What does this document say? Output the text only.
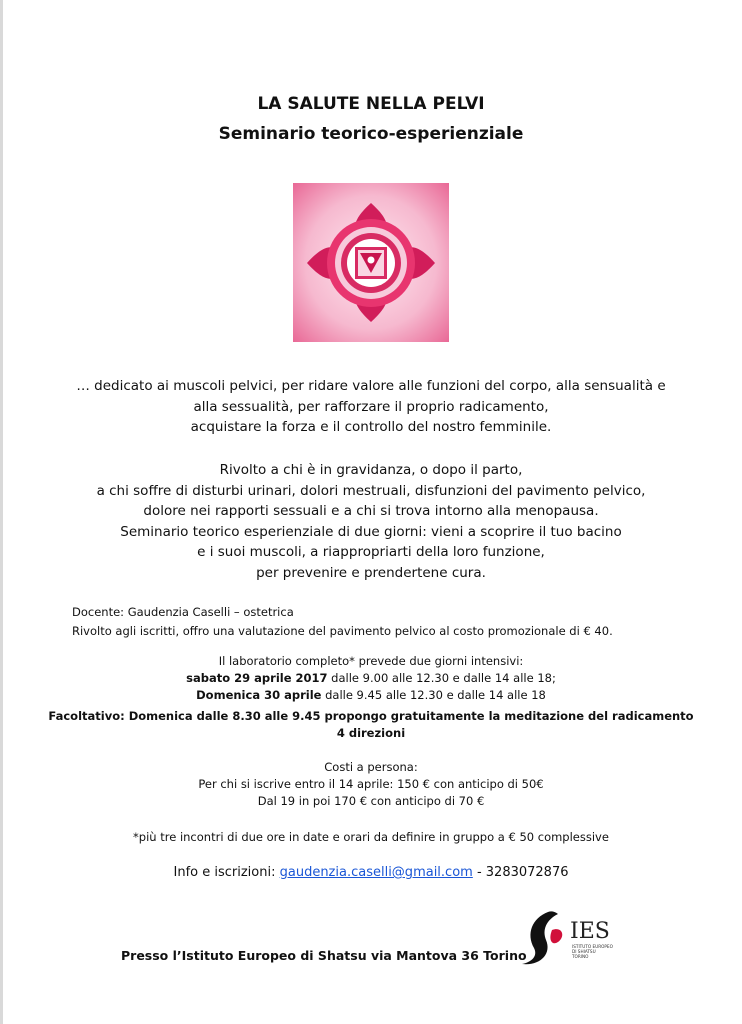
LA SALUTE NELLA PELVI
Seminario teorico-esperienziale
… dedicato ai muscoli pelvici, per ridare valore alle funzioni del corpo, alla sensualità e
alla sessualità, per rafforzare il proprio radicamento,
acquistare la forza e il controllo del nostro femminile.
Rivolto a chi è in gravidanza, o dopo il parto,
a chi soffre di disturbi urinari, dolori mestruali, disfunzioni del pavimento pelvico,
dolore nei rapporti sessuali e a chi si trova intorno alla menopausa.
Seminario teorico esperienziale di due giorni: vieni a scoprire il tuo bacino
e i suoi muscoli, a riappropriarti della loro funzione,
per prevenire e prendertene cura.
Docente: Gaudenzia Caselli – ostetrica
Rivolto agli iscritti, offro una valutazione del pavimento pelvico al costo promozionale di € 40.
Il laboratorio completo* prevede due giorni intensivi:
sabato 29 aprile 2017 dalle 9.00 alle 12.30 e dalle 14 alle 18;
Domenica 30 aprile dalle 9.45 alle 12.30 e dalle 14 alle 18
Facoltativo: Domenica dalle 8.30 alle 9.45 propongo gratuitamente la meditazione del radicamento
4 direzioni
Costi a persona:
Per chi si iscrive entro il 14 aprile: 150 € con anticipo di 50€
Dal 19 in poi 170 € con anticipo di 70 €
*più tre incontri di due ore in date e orari da definire in gruppo a € 50 complessive
Info e iscrizioni: gaudenzia.caselli@gmail.com - 3283072876
Presso l’Istituto Europeo di Shatsu via Mantova 36 Torino
IES
ISTITUTO EUROPEO
DI SHIATSU
TORINO
